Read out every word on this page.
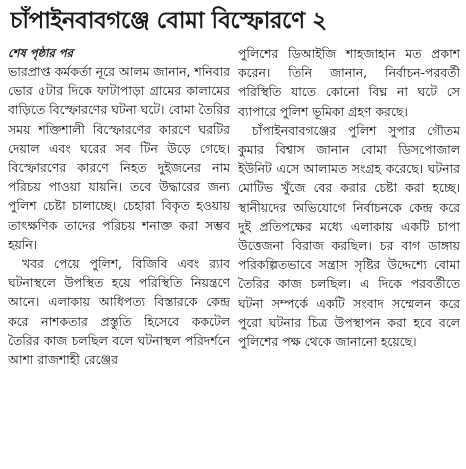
চাঁপাইনবাবগঞ্জে বোমা বিস্ফোরণে ২
শেষ পৃষ্ঠার পর

ভারপ্রাপ্ত কর্মকর্তা নূরে আলম জানান, শনিবার ভোর ৫টার দিকে ফাটাপাড়া গ্রামের কালামের বাড়িতে বিস্ফোরণের ঘটনা ঘটে। বোমা তৈরির সময় শক্তিশালী বিস্ফোরণের কারণে ঘরটির দেয়াল এবং ঘরের সব টিন উড়ে গেছে। বিস্ফোরণের কারণে নিহত দুইজনের নাম পরিচয় পাওয়া যায়নি। তবে উদ্ধারের জন্য পুলিশ চেষ্টা চালাচ্ছে। চেহারা বিকৃত হওয়ায় তাৎক্ষণিক তাদের পরিচয় শনাক্ত করা সম্ভব হয়নি।

খবর পেয়ে পুলিশ, বিজিবি এবং র‌্যাব ঘটনাস্থলে উপস্থিত হয়ে পরিস্থিতি নিয়ন্ত্রণে আনে। এলাকায় আধিপত্য বিস্তারকে কেন্দ্র করে নাশকতার প্রস্তুতি হিসেবে ককটেল তৈরির কাজ চলছিল বলে ঘটনাস্থল পরিদর্শনে আশা রাজশাহী রেঞ্জের

পুলিশের ডিআইজি শাহজাহান মত প্রকাশ করেন। তিনি জানান, নির্বাচন-পরবর্তী পরিস্থিতি যাতে কোনো বিঘ্ন না ঘটে সে ব্যাপারে পুলিশ ভূমিকা গ্রহণ করছে।

চাঁপাইনবাবগঞ্জের পুলিশ সুপার গৌতম কুমার বিশ্বাস জানান বোমা ডিসপোজাল ইউনিট এসে আলামত সংগ্রহ করেছে। ঘটনার মোটিভ খুঁজে বের করার চেষ্টা করা হচ্ছে। স্থানীয়দের অভিযোগে নির্বাচনকে কেন্দ্র করে দুই প্রতিপক্ষের মধ্যে এলাকায় একটি চাপা উত্তেজনা বিরাজ করছিল। চর বাগ ডাঙ্গায় পরিকল্পিতভাবে সন্ত্রাস সৃষ্টির উদ্দেশ্যে বোমা তৈরির কাজ চলছিল। এ দিকে পরবর্তীতে ঘটনা সম্পর্কে একটি সংবাদ সম্মেলন করে পুরো ঘটনার চিত্র উপস্থাপন করা হবে বলে পুলিশের পক্ষ থেকে জানানো হয়েছে।
